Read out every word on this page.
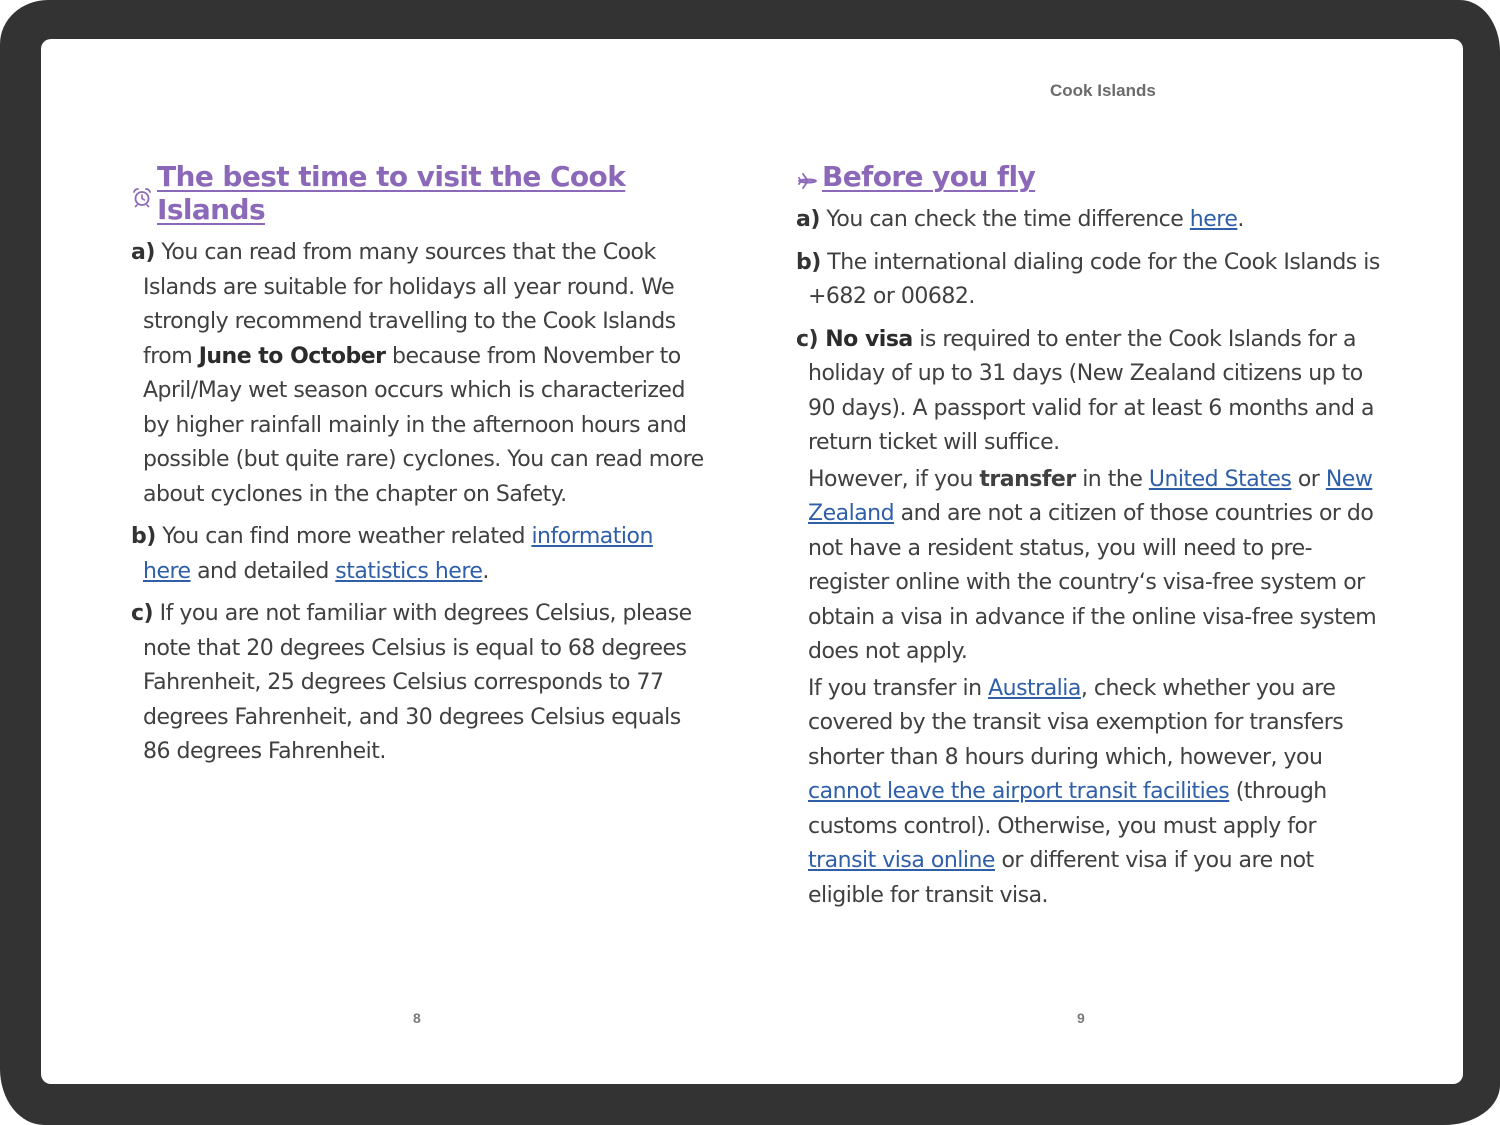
Cook Islands
The best time to visit the Cook Islands

a) You can read from many sources that the Cook Islands are suitable for holidays all year round. We strongly recommend travelling to the Cook Islands from June to October because from November to April/May wet season occurs which is characterized by higher rainfall mainly in the afternoon hours and possible (but quite rare) cyclones. You can read more about cyclones in the chapter on Safety.

b) You can find more weather related information here and detailed statistics here.

c) If you are not familiar with degrees Celsius, please note that 20 degrees Celsius is equal to 68 degrees Fahrenheit, 25 degrees Celsius corresponds to 77 degrees Fahrenheit, and 30 degrees Celsius equals 86 degrees Fahrenheit.

Before you fly

a) You can check the time difference here.

b) The international dialing code for the Cook Islands is +682 or 00682.

c) No visa is required to enter the Cook Islands for a holiday of up to 31 days (New Zealand citizens up to 90 days). A passport valid for at least 6 months and a return ticket will suffice.

However, if you transfer in the United States or New Zealand and are not a citizen of those countries or do not have a resident status, you will need to pre-register online with the country‘s visa-free system or obtain a visa in advance if the online visa-free system does not apply.

If you transfer in Australia, check whether you are covered by the transit visa exemption for transfers shorter than 8 hours during which, however, you cannot leave the airport transit facilities (through customs control). Otherwise, you must apply for transit visa online or different visa if you are not eligible for transit visa.

8	9
